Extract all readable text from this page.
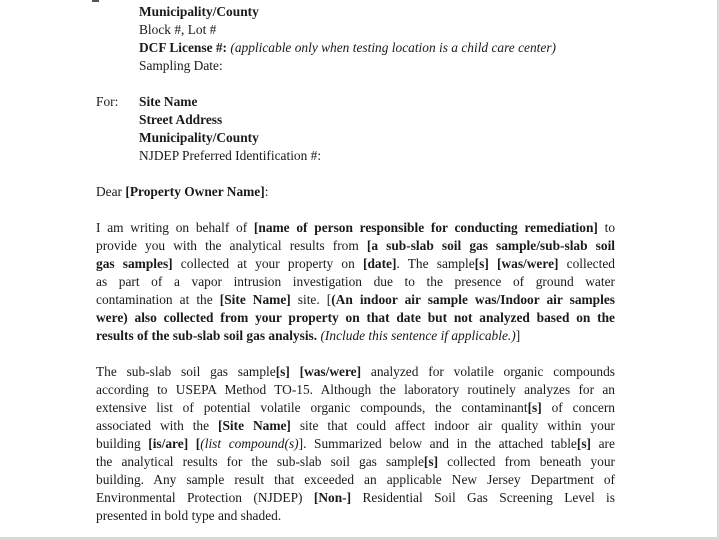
Municipality/County
Block #, Lot #
DCF License #: (applicable only when testing location is a child care center)
Sampling Date:
For: Site Name
Street Address
Municipality/County
NJDEP Preferred Identification #:
Dear [Property Owner Name]:
I am writing on behalf of [name of person responsible for conducting remediation] to
provide you with the analytical results from [a sub-slab soil gas sample/sub-slab soil
gas samples] collected at your property on [date]. The sample[s] [was/were] collected
as part of a vapor intrusion investigation due to the presence of ground water
contamination at the [Site Name] site. [(An indoor air sample was/Indoor air samples
were) also collected from your property on that date but not analyzed based on the
results of the sub-slab soil gas analysis. (Include this sentence if applicable.)]
The sub-slab soil gas sample[s] [was/were] analyzed for volatile organic compounds
according to USEPA Method TO-15. Although the laboratory routinely analyzes for an
extensive list of potential volatile organic compounds, the contaminant[s] of concern
associated with the [Site Name] site that could affect indoor air quality within your
building [is/are] [(list compound(s)]. Summarized below and in the attached table[s] are
the analytical results for the sub-slab soil gas sample[s] collected from beneath your
building. Any sample result that exceeded an applicable New Jersey Department of
Environmental Protection (NJDEP) [Non-] Residential Soil Gas Screening Level is
presented in bold type and shaded.
